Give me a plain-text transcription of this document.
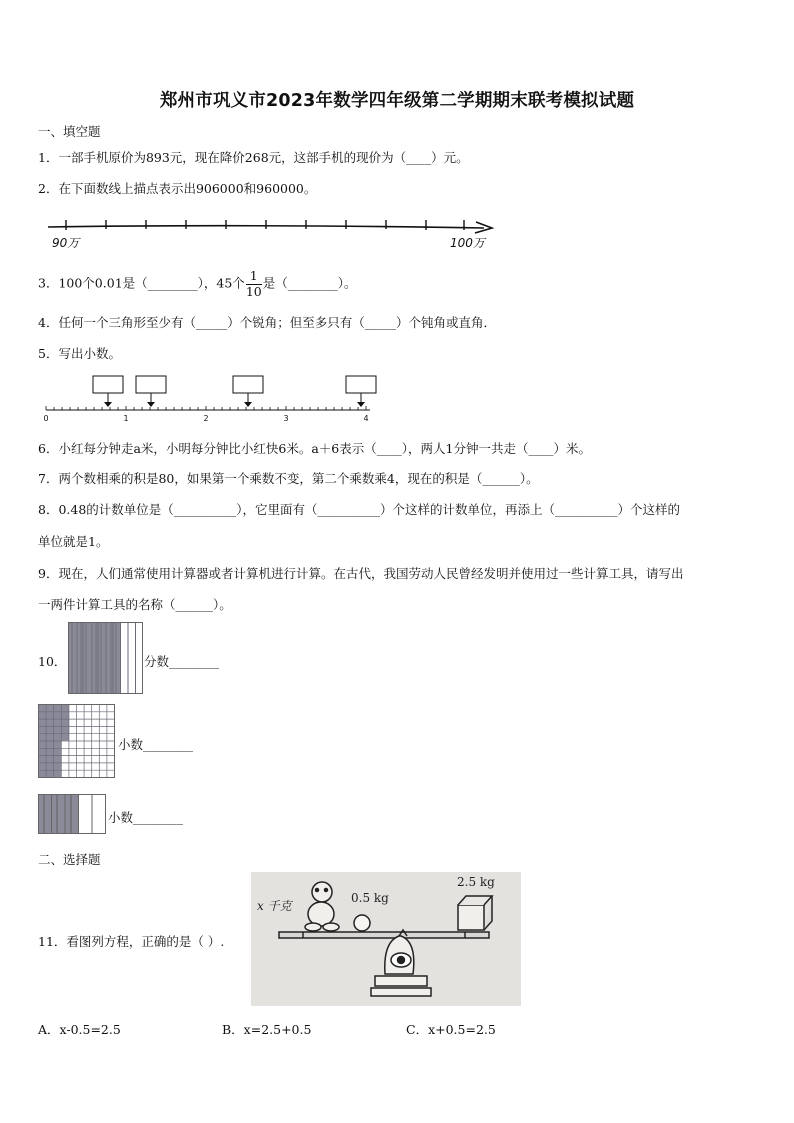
郑州市巩义市2023年数学四年级第二学期期末联考模拟试题
一、填空题
1．一部手机原价为893元，现在降价268元，这部手机的现价为（____）元。
2．在下面数线上描点表示出906000和960000。
90万	100万
3．100个0.01是（________），45个 $\frac{1}{10}$ 是（________）。
4．任何一个三角形至少有（_____）个锐角；但至多只有（_____）个钝角或直角．
5．写出小数。
0	1	2	3	4
6．小红每分钟走a米，小明每分钟比小红快6米。a＋6表示（____），两人1分钟一共走（____）米。
7．两个数相乘的积是80，如果第一个乘数不变，第二个乘数乘4，现在的积是（______）。
8．0.48的计数单位是（__________），它里面有（__________）个这样的计数单位，再添上（__________）个这样的
单位就是1。
9．现在，人们通常使用计算器或者计算机进行计算。在古代，我国劳动人民曾经发明并使用过一些计算工具，请写出
一两件计算工具的名称（______）。
10．	分数________
小数________
小数________
二、选择题
11．看图列方程，正确的是（ ）.
x 千克
0.5 kg
2.5 kg
A．x-0.5=2.5	B．x=2.5+0.5	C．x+0.5=2.5
